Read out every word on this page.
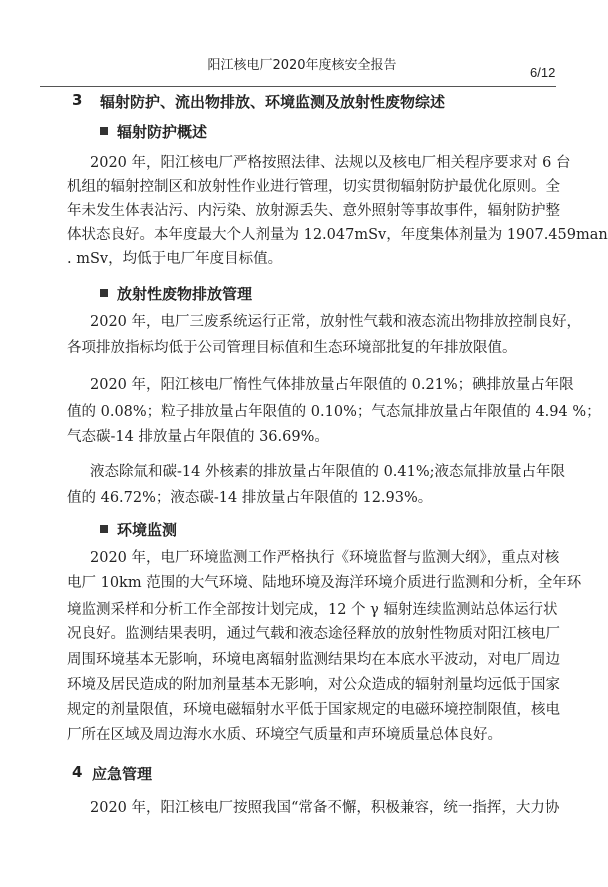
阳江核电厂2020年度核安全报告	6/12
3 辐射防护、流出物排放、环境监测及放射性废物综述
辐射防护概述
2020 年，阳江核电厂严格按照法律、法规以及核电厂相关程序要求对 6 台
机组的辐射控制区和放射性作业进行管理，切实贯彻辐射防护最优化原则。全
年未发生体表沾污、内污染、放射源丢失、意外照射等事故事件，辐射防护整
体状态良好。本年度最大个人剂量为 12.047mSv，年度集体剂量为 1907.459man
. mSv，均低于电厂年度目标值。
放射性废物排放管理
2020 年，电厂三废系统运行正常，放射性气载和液态流出物排放控制良好，
各项排放指标均低于公司管理目标值和生态环境部批复的年排放限值。
2020 年，阳江核电厂惰性气体排放量占年限值的 0.21%；碘排放量占年限
值的 0.08%；粒子排放量占年限值的 0.10%；气态氚排放量占年限值的 4.94 %；
气态碳-14 排放量占年限值的 36.69%。
液态除氚和碳-14 外核素的排放量占年限值的 0.41%;液态氚排放量占年限
值的 46.72%；液态碳-14 排放量占年限值的 12.93%。
环境监测
2020 年，电厂环境监测工作严格执行《环境监督与监测大纲》，重点对核
电厂 10km 范围的大气环境、陆地环境及海洋环境介质进行监测和分析，全年环
境监测采样和分析工作全部按计划完成，12 个 γ 辐射连续监测站总体运行状
况良好。监测结果表明，通过气载和液态途径释放的放射性物质对阳江核电厂
周围环境基本无影响，环境电离辐射监测结果均在本底水平波动，对电厂周边
环境及居民造成的附加剂量基本无影响，对公众造成的辐射剂量均远低于国家
规定的剂量限值，环境电磁辐射水平低于国家规定的电磁环境控制限值，核电
厂所在区域及周边海水水质、环境空气质量和声环境质量总体良好。
4 应急管理
2020 年，阳江核电厂按照我国“常备不懈，积极兼容，统一指挥，大力协
